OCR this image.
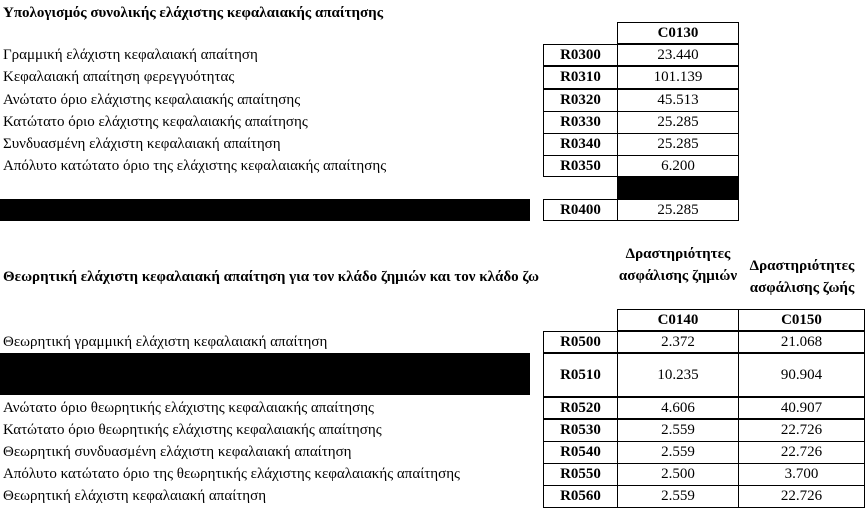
Υπολογισμός συνολικής ελάχιστης κεφαλαιακής απαίτησης
C0130
Γραμμική ελάχιστη κεφαλαιακή απαίτηση	R0300	23.440
Κεφαλαιακή απαίτηση φερεγγυότητας	R0310	101.139
Ανώτατο όριο ελάχιστης κεφαλαιακής απαίτησης	R0320	45.513
Κατώτατο όριο ελάχιστης κεφαλαιακής απαίτησης	R0330	25.285
Συνδυασμένη ελάχιστη κεφαλαιακή απαίτηση	R0340	25.285
Απόλυτο κατώτατο όριο της ελάχιστης κεφαλαιακής απαίτησης	R0350	6.200
C0130
Ελάχιστη κεφαλαιακή απαίτηση	R0400	25.285
Δραστηριότητες ασφάλισης ζημιών
Δραστηριότητες ασφάλισης ζωής
Θεωρητική ελάχιστη κεφαλαιακή απαίτηση για τον κλάδο ζημιών και τον κλάδο ζω
C0140	C0150
Θεωρητική γραμμική ελάχιστη κεφαλαιακή απαίτηση	R0500	2.372	21.068
Θεωρητική κεφαλαιακή απαίτηση φερεγγυότητας, εξαιρουμένων πρόσθετων κεφαλαιακών απαιτήσεων (ετήσιος ή πιο πρόσφατος υπολογισμός)	R0510	10.235	90.904
Ανώτατο όριο θεωρητικής ελάχιστης κεφαλαιακής απαίτησης	R0520	4.606	40.907
Κατώτατο όριο θεωρητικής ελάχιστης κεφαλαιακής απαίτησης	R0530	2.559	22.726
Θεωρητική συνδυασμένη ελάχιστη κεφαλαιακή απαίτηση	R0540	2.559	22.726
Απόλυτο κατώτατο όριο της θεωρητικής ελάχιστης κεφαλαιακής απαίτησης	R0550	2.500	3.700
Θεωρητική ελάχιστη κεφαλαιακή απαίτηση	R0560	2.559	22.726
